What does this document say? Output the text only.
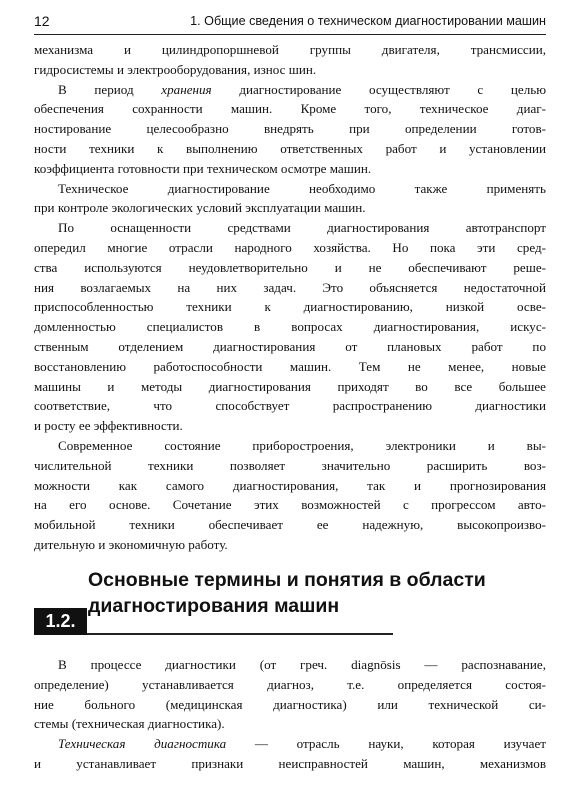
12	1. Общие сведения о техническом диагностировании машин
механизма и цилиндропоршневой группы двигателя, трансмиссии,
гидросистемы и электрооборудования, износ шин.
В период хранения диагностирование осуществляют с целью
обеспечения сохранности машин. Кроме того, техническое диаг-
ностирование целесообразно внедрять при определении готов-
ности техники к выполнению ответственных работ и установлении
коэффициента готовности при техническом осмотре машин.
Техническое диагностирование необходимо также применять
при контроле экологических условий эксплуатации машин.
По оснащенности средствами диагностирования автотранспорт
опередил многие отрасли народного хозяйства. Но пока эти сред-
ства используются неудовлетворительно и не обеспечивают реше-
ния возлагаемых на них задач. Это объясняется недостаточной
приспособленностью техники к диагностированию, низкой осве-
домленностью специалистов в вопросах диагностирования, искус-
ственным отделением диагностирования от плановых работ по
восстановлению работоспособности машин. Тем не менее, новые
машины и методы диагностирования приходят во все большее
соответствие, что способствует распространению диагностики
и росту ее эффективности.
Современное состояние приборостроения, электроники и вы-
числительной техники позволяет значительно расширить воз-
можности как самого диагностирования, так и прогнозирования
на его основе. Сочетание этих возможностей с прогрессом авто-
мобильной техники обеспечивает ее надежную, высокопроизво-
дительную и экономичную работу.
Основные термины и понятия в области
диагностирования машин
1.2.
В процессе диагностики (от греч. diagnōsis — распознавание,
определение) устанавливается диагноз, т.е. определяется состоя-
ние больного (медицинская диагностика) или технической си-
стемы (техническая диагностика).
Техническая диагностика — отрасль науки, которая изучает
и устанавливает признаки неисправностей машин, механизмов
